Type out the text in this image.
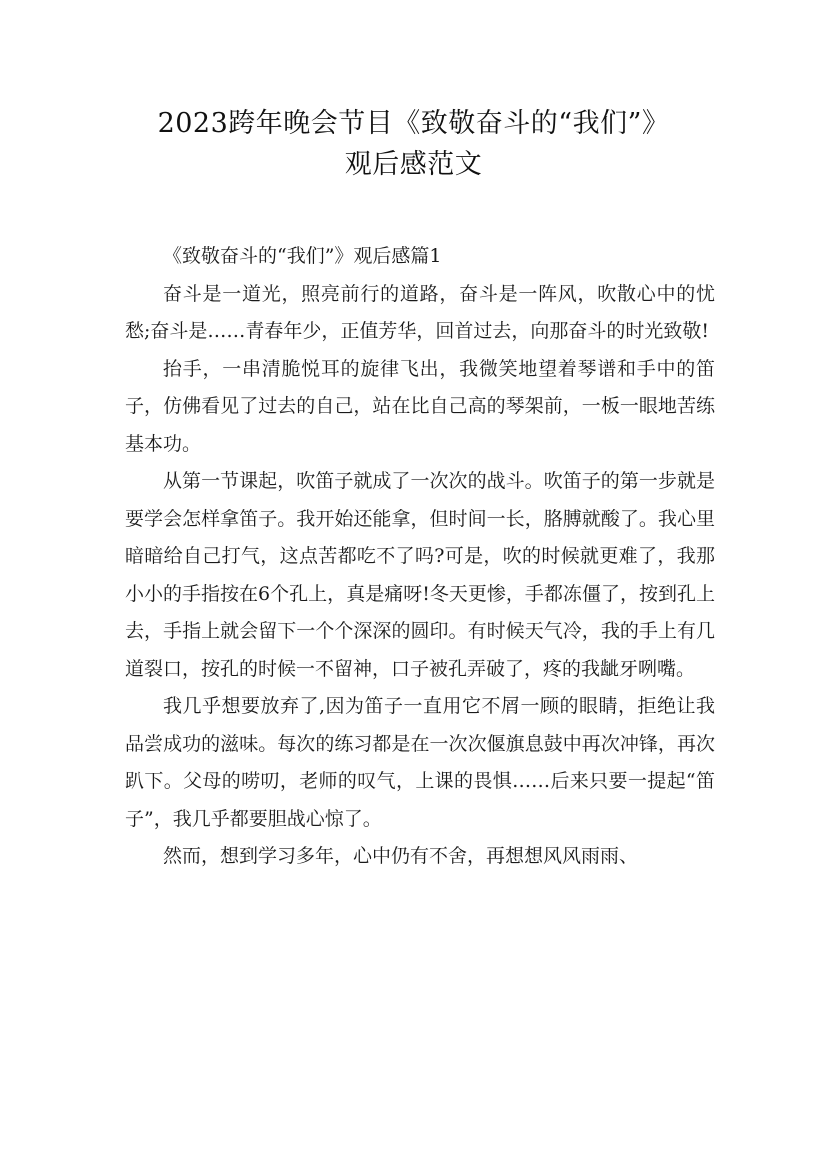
2023跨年晚会节目《致敬奋斗的“我们”》
观后感范文

《致敬奋斗的“我们”》观后感篇1

奋斗是一道光，照亮前行的道路，奋斗是一阵风，吹散心中的忧愁;奋斗是……青春年少，正值芳华，回首过去，向那奋斗的时光致敬!

抬手，一串清脆悦耳的旋律飞出，我微笑地望着琴谱和手中的笛子，仿佛看见了过去的自己，站在比自己高的琴架前，一板一眼地苦练基本功。

从第一节课起，吹笛子就成了一次次的战斗。吹笛子的第一步就是要学会怎样拿笛子。我开始还能拿，但时间一长，胳膊就酸了。我心里暗暗给自己打气，这点苦都吃不了吗?可是，吹的时候就更难了，我那小小的手指按在6个孔上，真是痛呀!冬天更惨，手都冻僵了，按到孔上去，手指上就会留下一个个深深的圆印。有时候天气冷，我的手上有几道裂口，按孔的时候一不留神，口子被孔弄破了，疼的我龇牙咧嘴。

我几乎想要放弃了,因为笛子一直用它不屑一顾的眼睛，拒绝让我品尝成功的滋味。每次的练习都是在一次次偃旗息鼓中再次冲锋，再次趴下。父母的唠叨，老师的叹气，上课的畏惧……后来只要一提起“笛子”，我几乎都要胆战心惊了。

然而，想到学习多年，心中仍有不舍，再想想风风雨雨、
